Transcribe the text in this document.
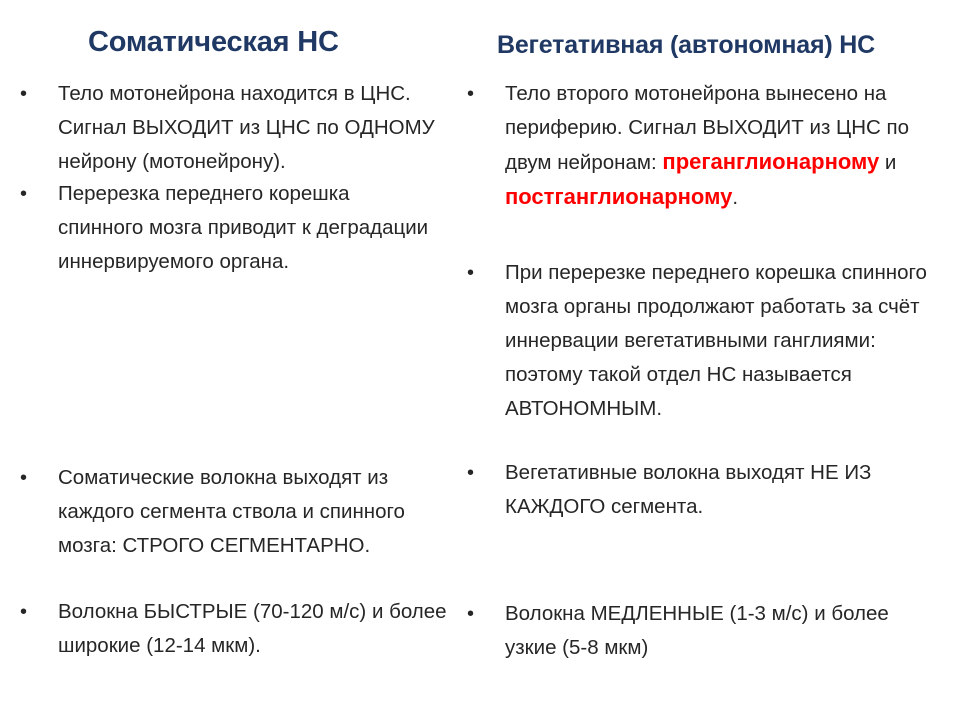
Соматическая НС	Вегетативная (автономная) НС
• Тело мотонейрона находится в ЦНС. Сигнал ВЫХОДИТ из ЦНС по ОДНОМУ нейрону (мотонейрону).
• Перерезка переднего корешка спинного мозга приводит к деградации иннервируемого органа.
• Соматические волокна выходят из каждого сегмента ствола и спинного мозга: СТРОГО СЕГМЕНТАРНО.
• Волокна БЫСТРЫЕ (70-120 м/с) и более широкие (12-14 мкм).
• Тело второго мотонейрона вынесено на периферию. Сигнал ВЫХОДИТ из ЦНС по двум нейронам: преганглионарному и постганглионарному.
• При перерезке переднего корешка спинного мозга органы продолжают работать за счёт иннервации вегетативными ганглиями: поэтому такой отдел НС называется АВТОНОМНЫМ.
• Вегетативные волокна выходят НЕ ИЗ КАЖДОГО сегмента.
• Волокна МЕДЛЕННЫЕ (1-3 м/с) и более узкие (5-8 мкм)
